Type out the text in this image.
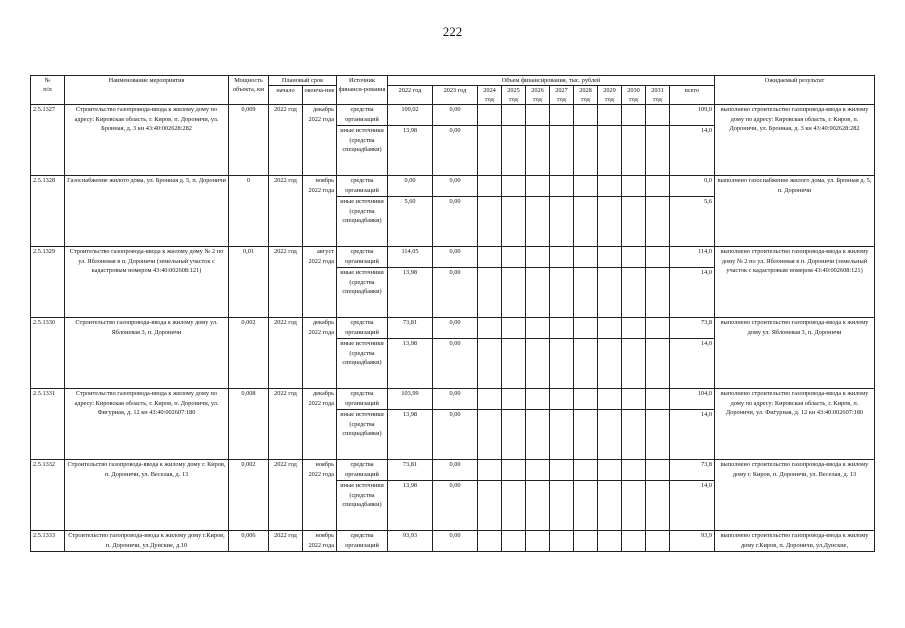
222
№
п/п	Наименование мероприятия	Мощность объекта, км	Плановый срок		Источник финанси-рования	Объем финансирования, тыс. рублей											Ожидаемый результат
			начало	оконча-ние		2022 год	2023 год	2024 год	2025 год	2026 год	2027 год	2028 год	2029 год	2030 год	2031 год	всего	

2.5.1327	Строительство газопровода-ввода к жилому дому по адресу: Кировская область, г. Киров, п. Дороничи, ул. Бронная, д. 3 кн 43:40:002628:282	0,009	2022 год	декабрь 2022 года	средства организаций	109,02	0,00									109,0	выполнено строительство газопровода-ввода к жилому дому по адресу: Кировская область, г. Киров, п. Дороничи, ул. Бронная, д. 3 кн 43:40:002628:282
					иные источники (средства спецнадбавки)	13,98	0,00									14,0	
2.5.1328	Газоснабжение жилого дома, ул. Бронная д. 5, п. Дороничи	0	2022 год	ноябрь 2022 года	средства организаций	0,00	0,00									0,0	выполнено газоснабжение жилого дома, ул. Бронная д. 5, п. Дороничи
					иные источники (средства спецнадбавки)	5,60	0,00									5,6	
2.5.1329	Строительство газопровода-ввода к жилому дому № 2 по ул. Яблоневая в п. Дороничи (земельный участок с кадастровым номером 43:40:002608:121)	0,01	2022 год	август 2022 года	средства организаций	114,05	0,00									114,0	выполнено строительство газопровода-ввода к жилому дому № 2 по ул. Яблоневая в п. Дороничи (земельный участок с кадастровым номером 43:40:002608:121)
					иные источники (средства спецнадбавки)	13,98	0,00									14,0	
2.5.1330	Строительство газопровода-ввода к жилому дому ул. Яблоневая 3, п. Дороничи	0,002	2022 год	декабрь 2022 года	средства организаций	73,81	0,00									73,8	выполнено строительство газопровода-ввода к жилому дому ул. Яблоневая 3, п. Дороничи
					иные источники (средства спецнадбавки)	13,98	0,00									14,0	
2.5.1331	Строительство газопровода-ввода к жилому дому по адресу: Кировская область, г. Киров, п. Дороничи, ул. Фигурная, д. 12 кн 43:40:002607:180	0,008	2022 год	декабрь 2022 года	средства организаций	103,99	0,00									104,0	выполнено строительство газопровода-ввода к жилому дому по адресу: Кировская область, г. Киров, п. Дороничи, ул. Фигурная, д. 12 кн 43:40:002607:180
					иные источники (средства спецнадбавки)	13,98	0,00									14,0	
2.5.1332	Строительство газопровода-ввода к жилому дому г. Киров, п. Дороничи, ул. Веселая, д. 13	0,002	2022 год	ноябрь 2022 года	средства организаций	73,81	0,00									73,8	выполнено строительство газопровода-ввода к жилому дому г. Киров, п. Дороничи, ул. Веселая, д. 13
					иные источники (средства спецнадбавки)	13,98	0,00									14,0	
2.5.1333	Строительство газопровода-ввода к жилому дому г.Киров, п. Дороничи, ул.Дунские, д.10	0,006	2022 год	ноябрь 2022 года	средства организаций	93,93	0,00									93,9	выполнено строительство газопровода-ввода к жилому дому г.Киров, п. Дороничи, ул.Дунские,
